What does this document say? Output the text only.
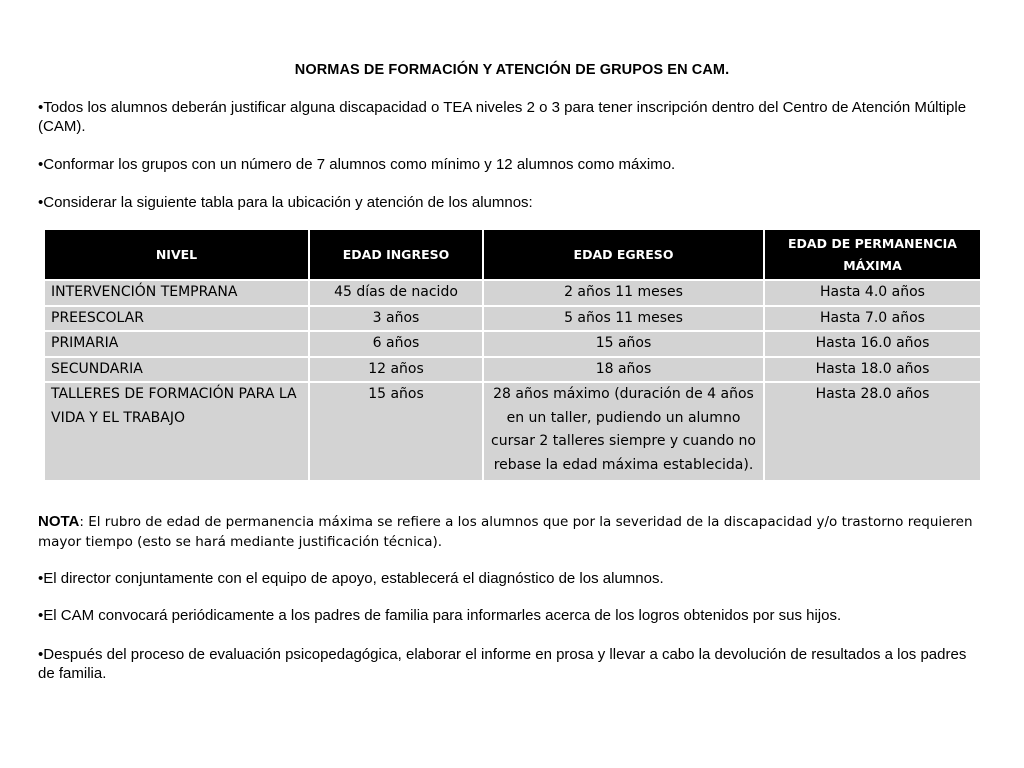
NORMAS DE FORMACIÓN Y ATENCIÓN DE GRUPOS EN CAM.
•Todos los alumnos deberán justificar alguna discapacidad o TEA niveles 2 o 3 para tener inscripción dentro del Centro de Atención Múltiple (CAM).
•Conformar los grupos con un número de 7 alumnos como mínimo y 12 alumnos como máximo.
•Considerar la siguiente tabla para la ubicación y atención de los alumnos:
NIVEL	EDAD INGRESO	EDAD EGRESO	EDAD DE PERMANENCIA MÁXIMA
INTERVENCIÓN TEMPRANA	45 días de nacido	2 años 11 meses	Hasta 4.0 años
PREESCOLAR	3 años	5 años 11 meses	Hasta 7.0 años
PRIMARIA	6 años	15 años	Hasta 16.0 años
SECUNDARIA	12 años	18 años	Hasta 18.0 años
TALLERES DE FORMACIÓN PARA LA VIDA Y EL TRABAJO	15 años	28 años máximo (duración de 4 años en un taller, pudiendo un alumno cursar 2 talleres siempre y cuando no rebase la edad máxima establecida).	Hasta 28.0 años
NOTA: El rubro de edad de permanencia máxima se refiere a los alumnos que por la severidad de la discapacidad y/o trastorno requieren mayor tiempo (esto se hará mediante justificación técnica).
•El director conjuntamente con el equipo de apoyo, establecerá el diagnóstico de los alumnos.
•El CAM convocará periódicamente a los padres de familia para informarles acerca de los logros obtenidos por sus hijos.
•Después del proceso de evaluación psicopedagógica, elaborar el informe en prosa y llevar a cabo la devolución de resultados a los padres de familia.
